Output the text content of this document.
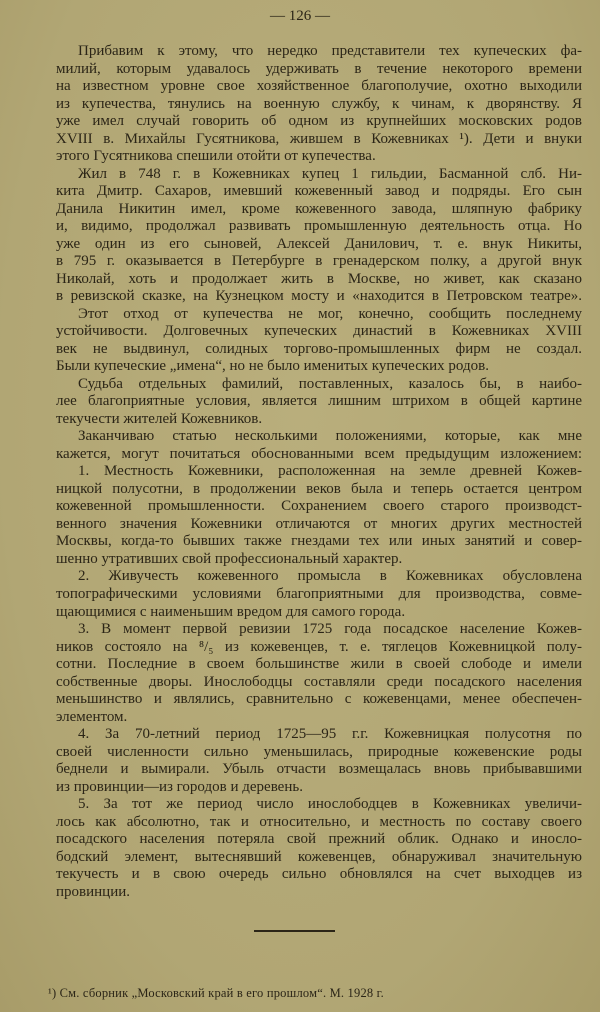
— 126 —
Прибавим к этому, что нередко представители тех купеческих фа-
милий, которым удавалось удерживать в течение некоторого времени
на известном уровне свое хозяйственное благополучие, охотно выходили
из купечества, тянулись на военную службу, к чинам, к дворянству. Я
уже имел случай говорить об одном из крупнейших московских родов
XVIII в. Михайлы Гусятникова, жившем в Кожевниках ¹). Дети и внуки
этого Гусятникова спешили отойти от купечества.
Жил в 748 г. в Кожевниках купец 1 гильдии, Басманной слб. Ни-
кита Дмитр. Сахаров, имевший кожевенный завод и подряды. Его сын
Данила Никитин имел, кроме кожевенного завода, шляпную фабрику
и, видимо, продолжал развивать промышленную деятельность отца. Но
уже один из его сыновей, Алексей Данилович, т. е. внук Никиты,
в 795 г. оказывается в Петербурге в гренадерском полку, а другой внук
Николай, хоть и продолжает жить в Москве, но живет, как сказано
в ревизской сказке, на Кузнецком мосту и «находится в Петровском театре».
Этот отход от купечества не мог, конечно, сообщить последнему
устойчивости. Долговечных купеческих династий в Кожевниках XVIII
век не выдвинул, солидных торгово-промышленных фирм не создал.
Были купеческие „имена“, но не было именитых купеческих родов.
Судьба отдельных фамилий, поставленных, казалось бы, в наибо-
лее благоприятные условия, является лишним штрихом в общей картине
текучести жителей Кожевников.
Заканчиваю статью несколькими положениями, которые, как мне
кажется, могут почитаться обоснованными всем предыдущим изложением:
1. Местность Кожевники, расположенная на земле древней Кожев-
ницкой полусотни, в продолжении веков была и теперь остается центром
кожевенной промышленности. Сохранением своего старого производст-
венного значения Кожевники отличаются от многих других местностей
Москвы, когда-то бывших также гнездами тех или иных занятий и совер-
шенно утративших свой профессиональный характер.
2. Живучесть кожевенного промысла в Кожевниках обусловлена
топографическими условиями благоприятными для производства, совме-
щающимися с наименьшим вредом для самого города.
3. В момент первой ревизии 1725 года посадское население Кожев-
ников состояло на ⁸/₅ из кожевенцев, т. е. тяглецов Кожевницкой полу-
сотни. Последние в своем большинстве жили в своей слободе и имели
собственные дворы. Инослободцы составляли среди посадского населения
меньшинство и являлись, сравнительно с кожевенцами, менее обеспечен-
элементом.
4. За 70-летний период 1725—95 г.г. Кожевницкая полусотня по
своей численности сильно уменьшилась, природные кожевенские роды
беднели и вымирали. Убыль отчасти возмещалась вновь прибывавшими
из провинции—из городов и деревень.
5. За тот же период число инослободцев в Кожевниках увеличи-
лось как абсолютно, так и относительно, и местность по составу своего
посадского населения потеряла свой прежний облик. Однако и иносло-
бодский элемент, вытеснявший кожевенцев, обнаруживал значительную
текучесть и в свою очередь сильно обновлялся на счет выходцев из
провинции.
¹) См. сборник „Московский край в его прошлом“. М. 1928 г.
